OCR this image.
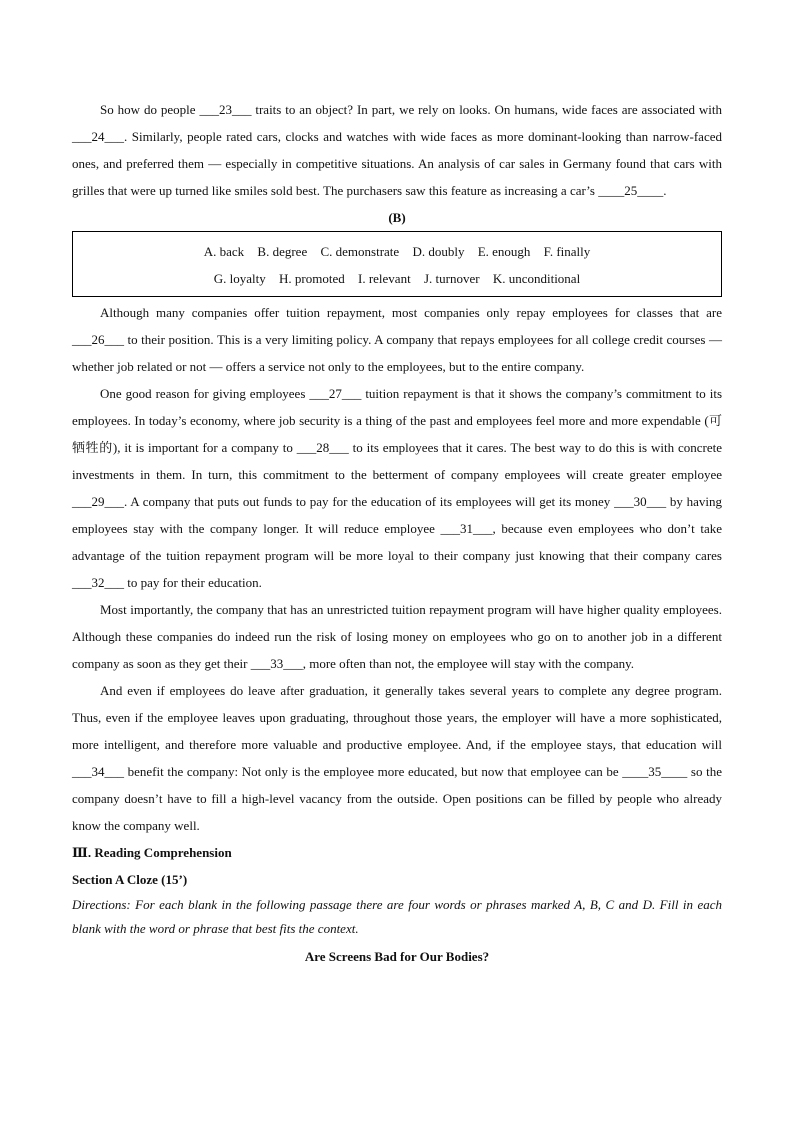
So how do people ___23___ traits to an object? In part, we rely on looks. On humans, wide faces are associated with ___24___. Similarly, people rated cars, clocks and watches with wide faces as more dominant-looking than narrow-faced ones, and preferred them — especially in competitive situations. An analysis of car sales in Germany found that cars with grilles that were up turned like smiles sold best. The purchasers saw this feature as increasing a car’s ____25____.

(B)
A. back B. degree C. demonstrate D. doubly E. enough F. finally
G. loyalty H. promoted I. relevant J. turnover K. unconditional

Although many companies offer tuition repayment, most companies only repay employees for classes that are ___26___ to their position. This is a very limiting policy. A company that repays employees for all college credit courses — whether job related or not — offers a service not only to the employees, but to the entire company.

One good reason for giving employees ___27___ tuition repayment is that it shows the company’s commitment to its employees. In today’s economy, where job security is a thing of the past and employees feel more and more expendable (可牺牲的), it is important for a company to ___28___ to its employees that it cares. The best way to do this is with concrete investments in them. In turn, this commitment to the betterment of company employees will create greater employee ___29___. A company that puts out funds to pay for the education of its employees will get its money ___30___ by having employees stay with the company longer. It will reduce employee ___31___, because even employees who don’t take advantage of the tuition repayment program will be more loyal to their company just knowing that their company cares ___32___ to pay for their education.

Most importantly, the company that has an unrestricted tuition repayment program will have higher quality employees. Although these companies do indeed run the risk of losing money on employees who go on to another job in a different company as soon as they get their ___33___, more often than not, the employee will stay with the company.

And even if employees do leave after graduation, it generally takes several years to complete any degree program. Thus, even if the employee leaves upon graduating, throughout those years, the employer will have a more sophisticated, more intelligent, and therefore more valuable and productive employee. And, if the employee stays, that education will ___34___ benefit the company: Not only is the employee more educated, but now that employee can be ____35____ so the company doesn’t have to fill a high-level vacancy from the outside. Open positions can be filled by people who already know the company well.

Ⅲ. Reading Comprehension

Section A Cloze (15’)

Directions: For each blank in the following passage there are four words or phrases marked A, B, C and D. Fill in each blank with the word or phrase that best fits the context.

Are Screens Bad for Our Bodies?
